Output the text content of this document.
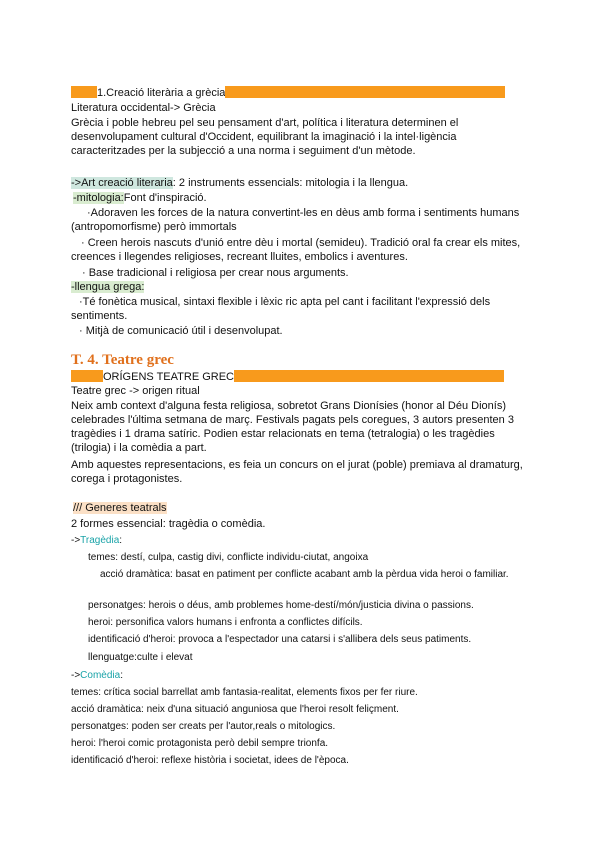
1.Creació literària a grècia
Literatura occidental-> Grècia
Grècia i poble hebreu pel seu pensament d'art, política i literatura determinen el desenvolupament cultural d'Occident, equilibrant la imaginació i la intel·ligència caracteritzades per la subjecció a una norma i seguiment d'un mètode.
->Art creació literaria: 2 instruments essencials: mitologia i la llengua.
-mitologia:Font d'inspiració.
·Adoraven les forces de la natura convertint-les en dèus amb forma i sentiments humans (antropomorfisme) però immortals
· Creen herois nascuts d'unió entre dèu i mortal (semideu). Tradició oral fa crear els mites, creences i llegendes religioses, recreant lluites, embolics i aventures.
· Base tradicional i religiosa per crear nous arguments.
-llengua grega:
·Té fonètica musical, sintaxi flexible i lèxic ric apta pel cant i facilitant l'expressió dels sentiments.
· Mitjà de comunicació útil i desenvolupat.
T. 4. Teatre grec
ORÍGENS TEATRE GREC
Teatre grec -> origen ritual
Neix amb context d'alguna festa religiosa, sobretot Grans Dionísies (honor al Déu Dionís) celebrades l'última setmana de març. Festivals pagats pels coregues, 3 autors presenten 3 tragèdies i 1 drama satíric. Podien estar relacionats en tema (tetralogia) o les tragèdies (trilogia) i la comèdia a part.
Amb aquestes representacions, es feia un concurs on el jurat (poble) premiava al dramaturg, corega i protagonistes.
/// Generes teatrals
2 formes essencial: tragèdia o comèdia.
->Tragèdia:
temes: destí, culpa, castig divi, conflicte individu-ciutat, angoixa
acció dramàtica: basat en patiment per conflicte acabant amb la pèrdua vida heroi o familiar.
personatges: herois o déus, amb problemes home-destí/món/justicia divina o passions.
heroi: personifica valors humans i enfronta a conflictes difícils.
identificació d'heroi: provoca a l'espectador una catarsi i s'allibera dels seus patiments.
llenguatge:culte i elevat
->Comèdia:
temes: crítica social barrellat amb fantasia-realitat, elements fixos per fer riure.
acció dramàtica: neix d'una situació anguniosa que l'heroi resolt feliçment.
personatges: poden ser creats per l'autor,reals o mitologics.
heroi: l'heroi comic protagonista però debil sempre trionfa.
identificació d'heroi: reflexe història i societat, idees de l'època.
